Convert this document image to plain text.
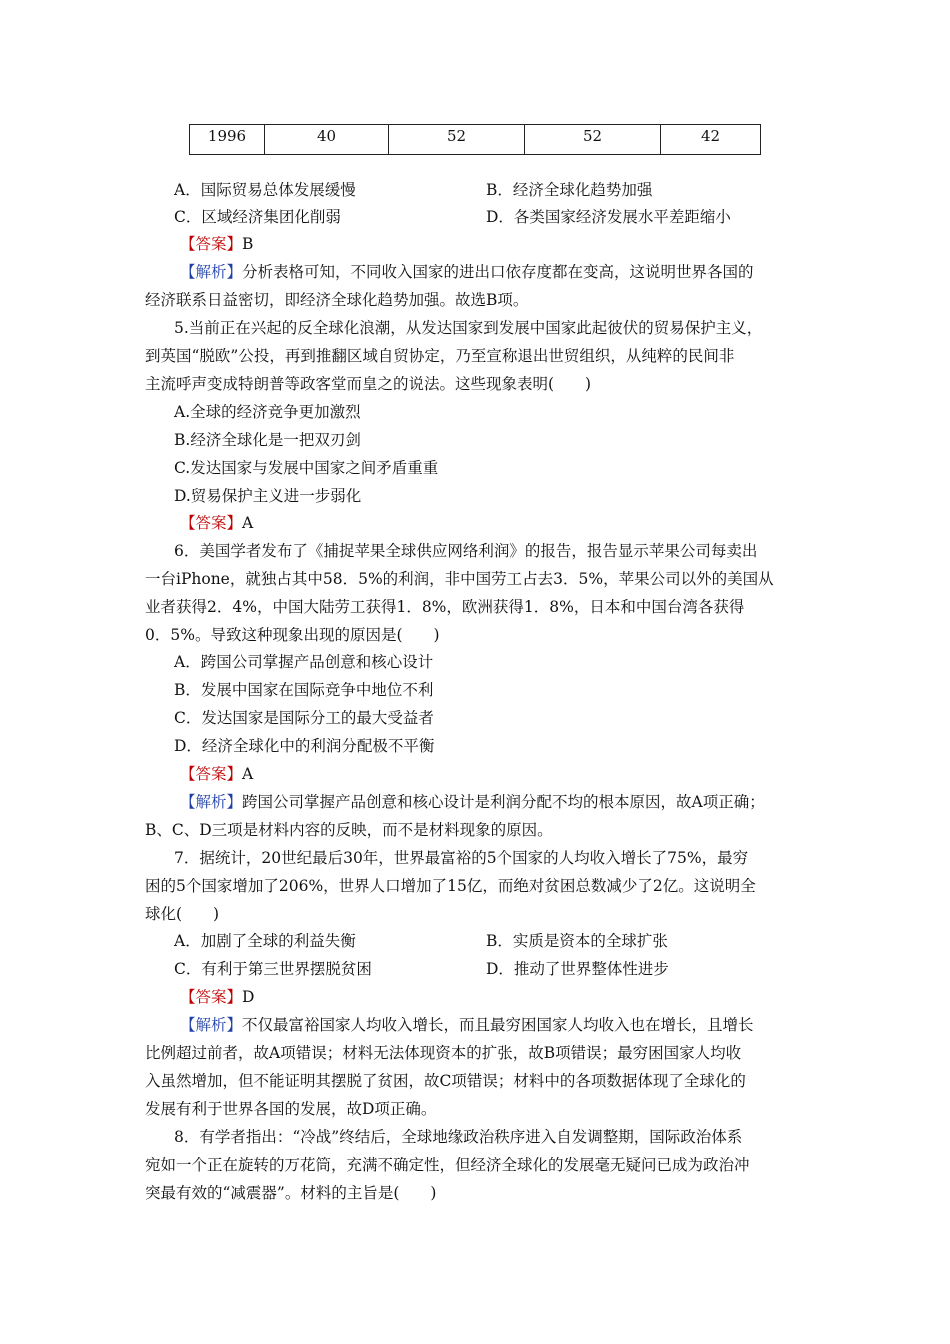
1996	40	52	52	42
A．国际贸易总体发展缓慢	B．经济全球化趋势加强
C．区域经济集团化削弱	D．各类国家经济发展水平差距缩小
【答案】B
【解析】分析表格可知，不同收入国家的进出口依存度都在变高，这说明世界各国的
经济联系日益密切，即经济全球化趋势加强。故选B项。
5.当前正在兴起的反全球化浪潮，从发达国家到发展中国家此起彼伏的贸易保护主义，
到英国“脱欧”公投，再到推翻区域自贸协定，乃至宣称退出世贸组织，从纯粹的民间非
主流呼声变成特朗普等政客堂而皇之的说法。这些现象表明(　　)
A.全球的经济竞争更加激烈
B.经济全球化是一把双刃剑
C.发达国家与发展中国家之间矛盾重重
D.贸易保护主义进一步弱化
【答案】A
6．美国学者发布了《捕捉苹果全球供应网络利润》的报告，报告显示苹果公司每卖出
一台iPhone，就独占其中58．5%的利润，非中国劳工占去3．5%，苹果公司以外的美国从
业者获得2．4%，中国大陆劳工获得1．8%，欧洲获得1．8%，日本和中国台湾各获得
0．5%。导致这种现象出现的原因是(　　)
A．跨国公司掌握产品创意和核心设计
B．发展中国家在国际竞争中地位不利
C．发达国家是国际分工的最大受益者
D．经济全球化中的利润分配极不平衡
【答案】A
【解析】跨国公司掌握产品创意和核心设计是利润分配不均的根本原因，故A项正确；
B、C、D三项是材料内容的反映，而不是材料现象的原因。
7．据统计，20世纪最后30年，世界最富裕的5个国家的人均收入增长了75%，最穷
困的5个国家增加了206%，世界人口增加了15亿，而绝对贫困总数减少了2亿。这说明全
球化(　　)
A．加剧了全球的利益失衡	B．实质是资本的全球扩张
C．有利于第三世界摆脱贫困	D．推动了世界整体性进步
【答案】D
【解析】不仅最富裕国家人均收入增长，而且最穷困国家人均收入也在增长，且增长
比例超过前者，故A项错误；材料无法体现资本的扩张，故B项错误；最穷困国家人均收
入虽然增加，但不能证明其摆脱了贫困，故C项错误；材料中的各项数据体现了全球化的
发展有利于世界各国的发展，故D项正确。
8．有学者指出：“冷战”终结后，全球地缘政治秩序进入自发调整期，国际政治体系
宛如一个正在旋转的万花筒，充满不确定性，但经济全球化的发展毫无疑问已成为政治冲
突最有效的“减震器”。材料的主旨是(　　)
